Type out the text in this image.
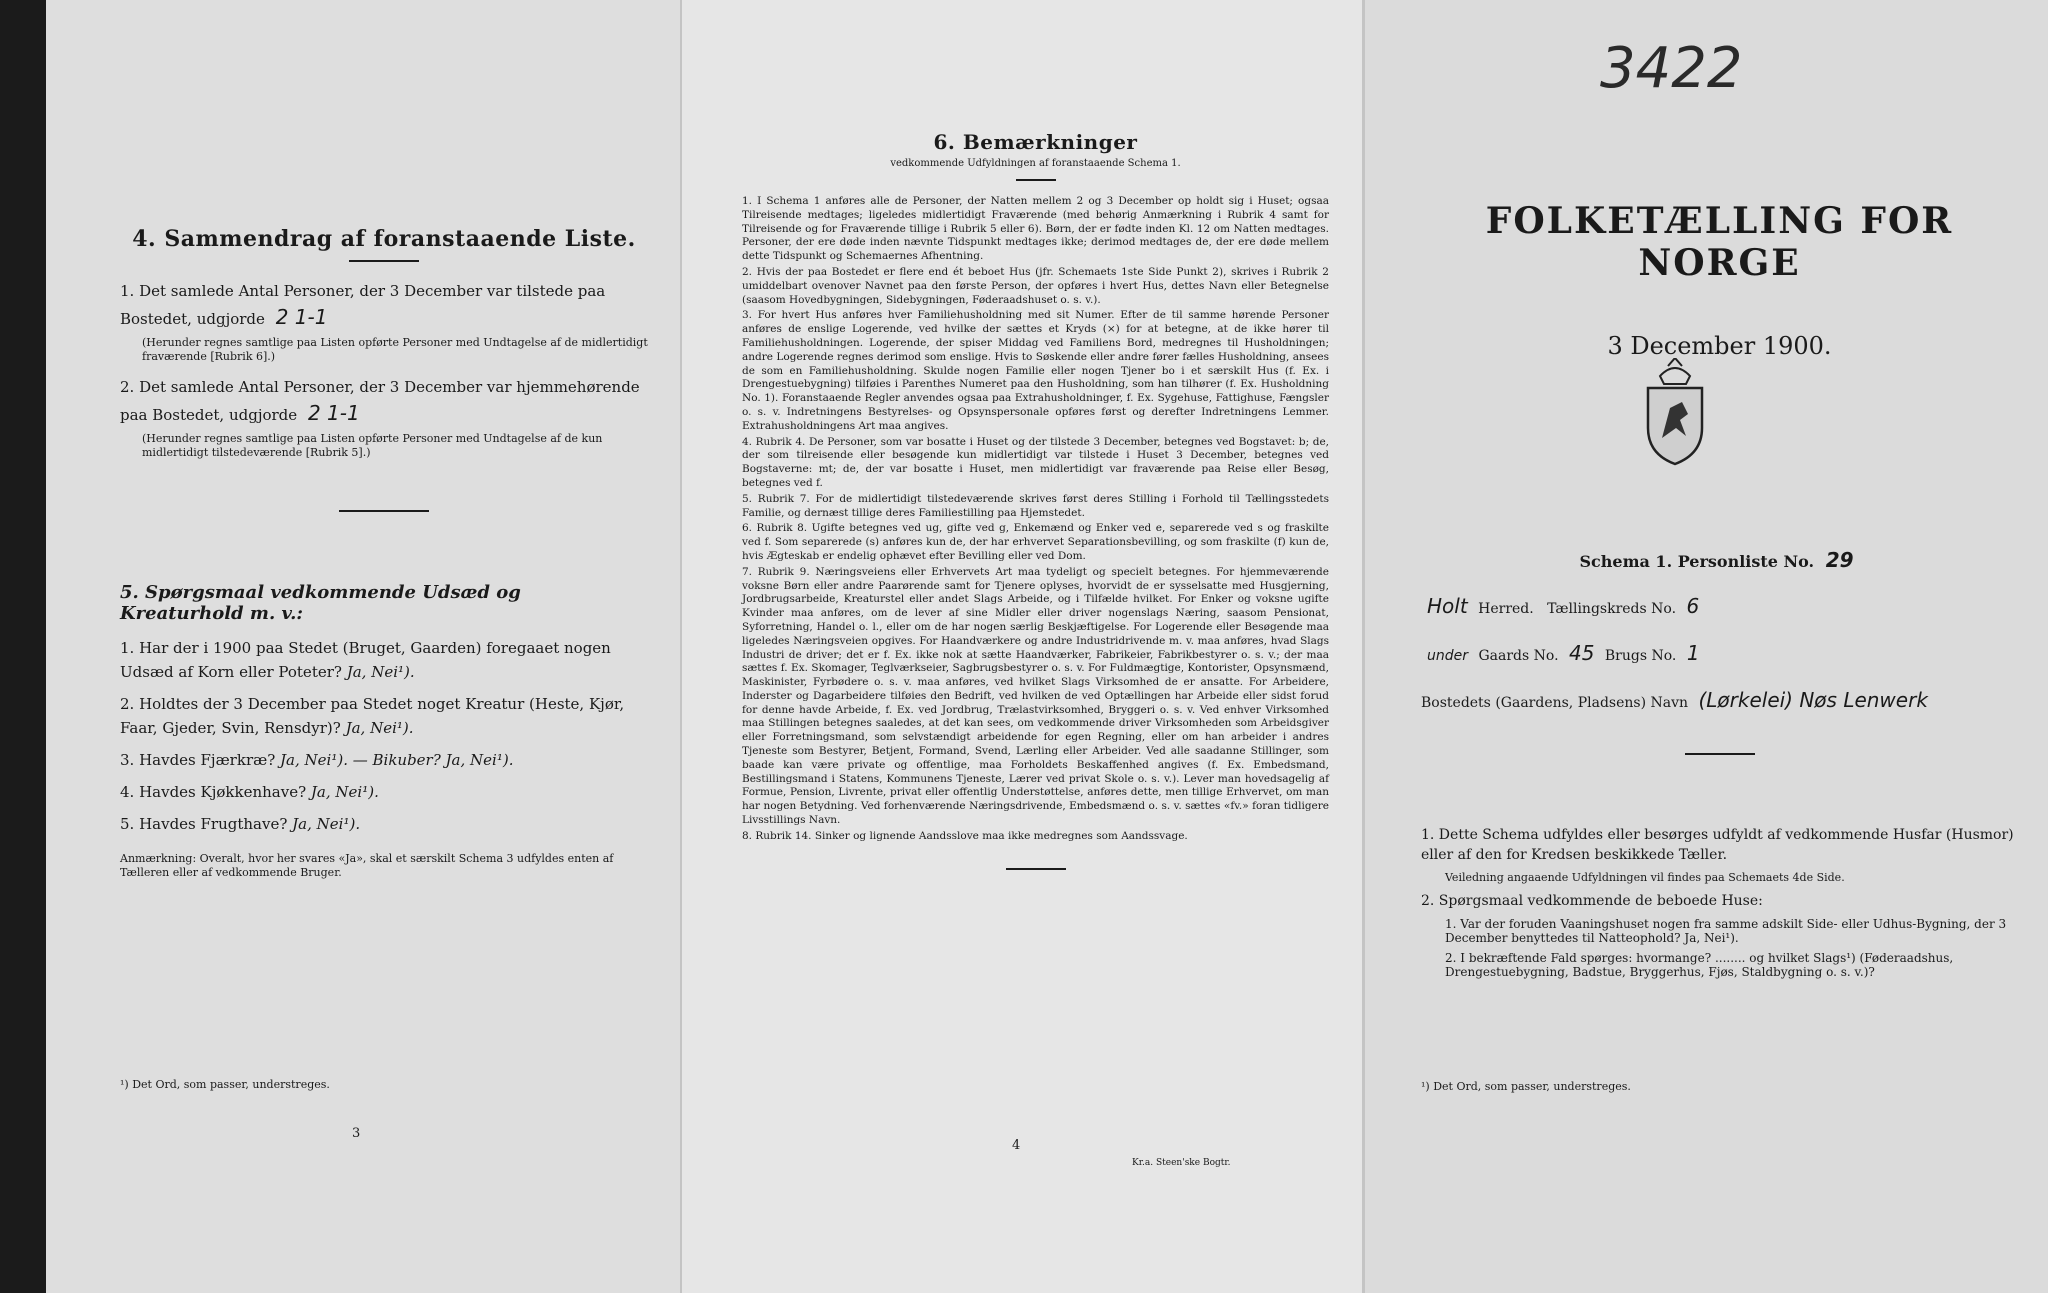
4. Sammendrag af foranstaaende Liste.
1. Det samlede Antal Personer, der 3 December var tilstede paa Bostedet, udgjorde 2 1-1
(Herunder regnes samtlige paa Listen opførte Personer med Undtagelse af de midlertidigt fraværende [Rubrik 6].)
2. Det samlede Antal Personer, der 3 December var hjemmehørende paa Bostedet, udgjorde 2 1-1
(Herunder regnes samtlige paa Listen opførte Personer med Undtagelse af de kun midlertidigt tilstedeværende [Rubrik 5].)
5. Spørgsmaal vedkommende Udsæd og Kreaturhold m. v.:
1. Har der i 1900 paa Stedet (Bruget, Gaarden) foregaaet nogen Udsæd af Korn eller Poteter? Ja, Nei¹).
2. Holdtes der 3 December paa Stedet noget Kreatur (Heste, Kjør, Faar, Gjeder, Svin, Rensdyr)? Ja, Nei¹).
3. Havdes Fjærkræ? Ja, Nei¹). — Bikuber? Ja, Nei¹).
4. Havdes Kjøkkenhave? Ja, Nei¹).
5. Havdes Frugthave? Ja, Nei¹).
Anmærkning: Overalt, hvor her svares «Ja», skal et særskilt Schema 3 udfyldes enten af Tælleren eller af vedkommende Bruger.
¹) Det Ord, som passer, understreges.
3
6. Bemærkninger
vedkommende Udfyldningen af foranstaaende Schema 1.
1. I Schema 1 anføres alle de Personer, der Natten mellem 2 og 3 December op holdt sig i Huset; ogsaa Tilreisende medtages; ligeledes midlertidigt Fraværende (med behørig Anmærkning i Rubrik 4 samt for Tilreisende og for Fraværende tillige i Rubrik 5 eller 6). Børn, der er fødte inden Kl. 12 om Natten medtages. Personer, der ere døde inden nævnte Tidspunkt medtages ikke; derimod medtages de, der ere døde mellem dette Tidspunkt og Schemaernes Afhentning.
2. Hvis der paa Bostedet er flere end ét beboet Hus (jfr. Schemaets 1ste Side Punkt 2), skrives i Rubrik 2 umiddelbart ovenover Navnet paa den første Person, der opføres i hvert Hus, dettes Navn eller Betegnelse (saasom Hovedbygningen, Sidebygningen, Føderaadshuset o. s. v.).
3. For hvert Hus anføres hver Familiehusholdning med sit Numer. Efter de til samme hørende Personer anføres de enslige Logerende, ved hvilke der sættes et Kryds (×) for at betegne, at de ikke hører til Familiehusholdningen. Logerende, der spiser Middag ved Familiens Bord, medregnes til Husholdningen; andre Logerende regnes derimod som enslige. Hvis to Søskende eller andre fører fælles Husholdning, ansees de som en Familiehusholdning. Skulde nogen Familie eller nogen Tjener bo i et særskilt Hus (f. Ex. i Drengestuebygning) tilføies i Parenthes Numeret paa den Husholdning, som han tilhører (f. Ex. Husholdning No. 1). Foranstaaende Regler anvendes ogsaa paa Extrahusholdninger, f. Ex. Sygehuse, Fattighuse, Fængsler o. s. v. Indretningens Bestyrelses- og Opsynspersonale opføres først og derefter Indretningens Lemmer. Extrahusholdningens Art maa angives.
4. Rubrik 4. De Personer, som var bosatte i Huset og der tilstede 3 December, betegnes ved Bogstavet: b; de, der som tilreisende eller besøgende kun midlertidigt var tilstede i Huset 3 December, betegnes ved Bogstaverne: mt; de, der var bosatte i Huset, men midlertidigt var fraværende paa Reise eller Besøg, betegnes ved f.
5. Rubrik 7. For de midlertidigt tilstedeværende skrives først deres Stilling i Forhold til Tællingsstedets Familie, og dernæst tillige deres Familiestilling paa Hjemstedet.
6. Rubrik 8. Ugifte betegnes ved ug, gifte ved g, Enkemænd og Enker ved e, separerede ved s og fraskilte ved f. Som separerede (s) anføres kun de, der har erhvervet Separationsbevilling, og som fraskilte (f) kun de, hvis Ægteskab er endelig ophævet efter Bevilling eller ved Dom.
7. Rubrik 9. Næringsveiens eller Erhvervets Art maa tydeligt og specielt betegnes. For hjemmeværende voksne Børn eller andre Paarørende samt for Tjenere oplyses, hvorvidt de er sysselsatte med Husgjerning, Jordbrugsarbeide, Kreaturstel eller andet Slags Arbeide, og i Tilfælde hvilket. For Enker og voksne ugifte Kvinder maa anføres, om de lever af sine Midler eller driver nogenslags Næring, saasom Pensionat, Syforretning, Handel o. l., eller om de har nogen særlig Beskjæftigelse. For Logerende eller Besøgende maa ligeledes Næringsveien opgives. For Haandværkere og andre Industridrivende m. v. maa anføres, hvad Slags Industri de driver; det er f. Ex. ikke nok at sætte Haandværker, Fabrikeier, Fabrikbestyrer o. s. v.; der maa sættes f. Ex. Skomager, Teglværkseier, Sagbrugsbestyrer o. s. v. For Fuldmægtige, Kontorister, Opsynsmænd, Maskinister, Fyrbødere o. s. v. maa anføres, ved hvilket Slags Virksomhed de er ansatte. For Arbeidere, Inderster og Dagarbeidere tilføies den Bedrift, ved hvilken de ved Optællingen har Arbeide eller sidst forud for denne havde Arbeide, f. Ex. ved Jordbrug, Trælastvirksomhed, Bryggeri o. s. v. Ved enhver Virksomhed maa Stillingen betegnes saaledes, at det kan sees, om vedkommende driver Virksomheden som Arbeidsgiver eller Forretningsmand, som selvstændigt arbeidende for egen Regning, eller om han arbeider i andres Tjeneste som Bestyrer, Betjent, Formand, Svend, Lærling eller Arbeider. Ved alle saadanne Stillinger, som baade kan være private og offentlige, maa Forholdets Beskaffenhed angives (f. Ex. Embedsmand, Bestillingsmand i Statens, Kommunens Tjeneste, Lærer ved privat Skole o. s. v.). Lever man hovedsagelig af Formue, Pension, Livrente, privat eller offentlig Understøttelse, anføres dette, men tillige Erhvervet, om man har nogen Betydning. Ved forhenværende Næringsdrivende, Embedsmænd o. s. v. sættes «fv.» foran tidligere Livsstillings Navn.
8. Rubrik 14. Sinker og lignende Aandsslove maa ikke medregnes som Aandssvage.
4
Kr.a. Steen'ske Bogtr.
FOLKETÆLLING FOR NORGE
3 December 1900.
Schema 1. Personliste No. 29
Holt Herred. Tællingskreds No. 6
under Gaards No. 45 Brugs No. 1
Bostedets (Gaardens, Pladsens) Navn (Lørkelei) Nøs Lenwerk
1. Dette Schema udfyldes eller besørges udfyldt af vedkommende Husfar (Husmor) eller af den for Kredsen beskikkede Tæller.
Veiledning angaaende Udfyldningen vil findes paa Schemaets 4de Side.
2. Spørgsmaal vedkommende de beboede Huse:
1. Var der foruden Vaaningshuset nogen fra samme adskilt Side- eller Udhus-Bygning, der 3 December benyttedes til Natteophold? Ja, Nei¹).
2. I bekræftende Fald spørges: hvormange? ........ og hvilket Slags¹) (Føderaadshus, Drengestuebygning, Badstue, Bryggerhus, Fjøs, Staldbygning o. s. v.)?
¹) Det Ord, som passer, understreges.
3422
